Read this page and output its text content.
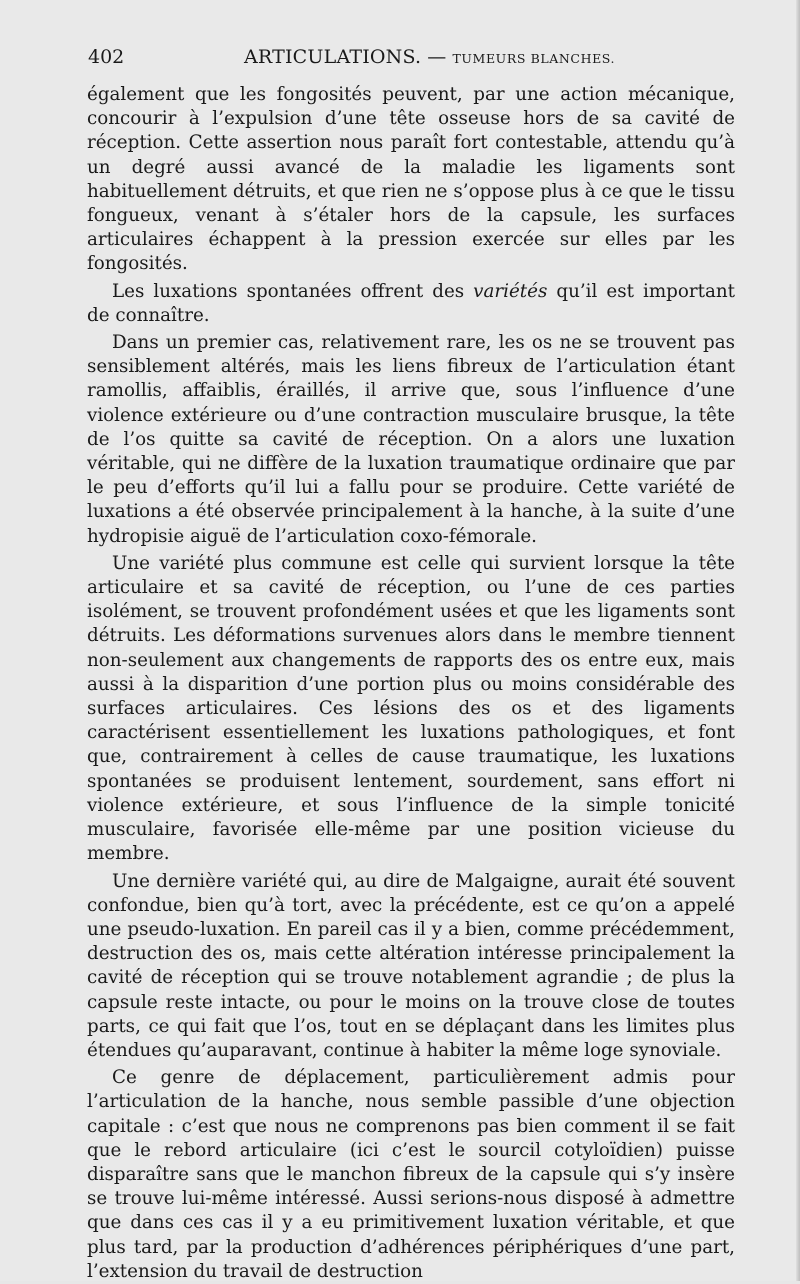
402	ARTICULATIONS. — TUMEURS BLANCHES.

également que les fongosités peuvent, par une action mécanique, concourir à l’expulsion d’une tête osseuse hors de sa cavité de réception. Cette assertion nous paraît fort contestable, attendu qu’à un degré aussi avancé de la maladie les ligaments sont habituellement détruits, et que rien ne s’oppose plus à ce que le tissu fongueux, venant à s’étaler hors de la capsule, les surfaces articulaires échappent à la pression exercée sur elles par les fongosités.

Les luxations spontanées offrent des variétés qu’il est important de connaître.

Dans un premier cas, relativement rare, les os ne se trouvent pas sensiblement altérés, mais les liens fibreux de l’articulation étant ramollis, affaiblis, éraillés, il arrive que, sous l’influence d’une violence extérieure ou d’une contraction musculaire brusque, la tête de l’os quitte sa cavité de réception. On a alors une luxation véritable, qui ne diffère de la luxation traumatique ordinaire que par le peu d’efforts qu’il lui a fallu pour se produire. Cette variété de luxations a été observée principalement à la hanche, à la suite d’une hydropisie aiguë de l’articulation coxo-fémorale.

Une variété plus commune est celle qui survient lorsque la tête articulaire et sa cavité de réception, ou l’une de ces parties isolément, se trouvent profondément usées et que les ligaments sont détruits. Les déformations survenues alors dans le membre tiennent non-seulement aux changements de rapports des os entre eux, mais aussi à la disparition d’une portion plus ou moins considérable des surfaces articulaires. Ces lésions des os et des ligaments caractérisent essentiellement les luxations pathologiques, et font que, contrairement à celles de cause traumatique, les luxations spontanées se produisent lentement, sourdement, sans effort ni violence extérieure, et sous l’influence de la simple tonicité musculaire, favorisée elle-même par une position vicieuse du membre.

Une dernière variété qui, au dire de Malgaigne, aurait été souvent confondue, bien qu’à tort, avec la précédente, est ce qu’on a appelé une pseudo-luxation. En pareil cas il y a bien, comme précédemment, destruction des os, mais cette altération intéresse principalement la cavité de réception qui se trouve notablement agrandie ; de plus la capsule reste intacte, ou pour le moins on la trouve close de toutes parts, ce qui fait que l’os, tout en se déplaçant dans les limites plus étendues qu’auparavant, continue à habiter la même loge synoviale.

Ce genre de déplacement, particulièrement admis pour l’articulation de la hanche, nous semble passible d’une objection capitale : c’est que nous ne comprenons pas bien comment il se fait que le rebord articulaire (ici c’est le sourcil cotyloïdien) puisse disparaître sans que le manchon fibreux de la capsule qui s’y insère se trouve lui-même intéressé. Aussi serions-nous disposé à admettre que dans ces cas il y a eu primitivement luxation véritable, et que plus tard, par la production d’adhérences périphériques d’une part, l’extension du travail de destruction
